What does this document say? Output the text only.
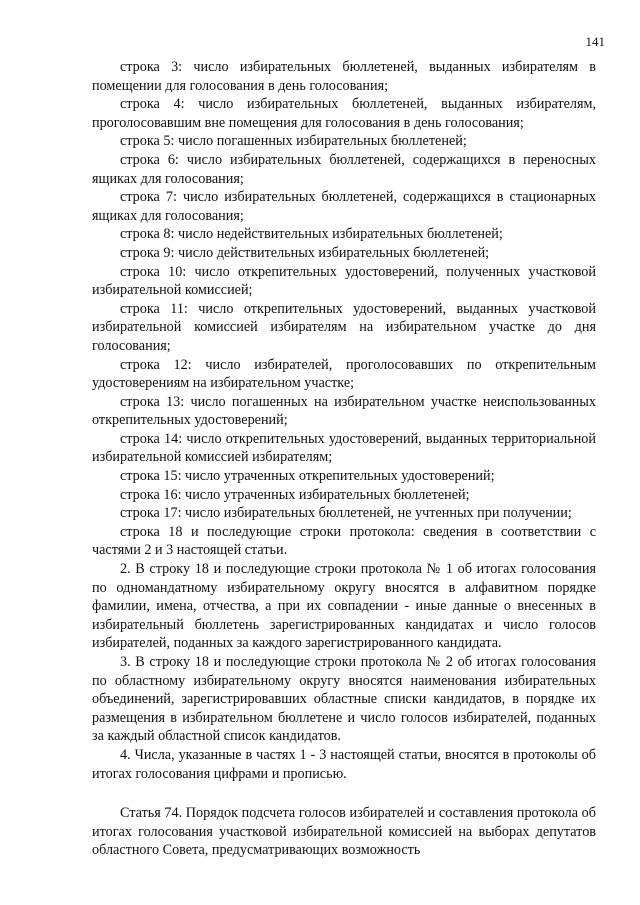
141

строка 3: число избирательных бюллетеней, выданных избирателям в помещении для голосования в день голосования;

строка 4: число избирательных бюллетеней, выданных избирателям, проголосовавшим вне помещения для голосования в день голосования;

строка 5: число погашенных избирательных бюллетеней;

строка 6: число избирательных бюллетеней, содержащихся в переносных ящиках для голосования;

строка 7: число избирательных бюллетеней, содержащихся в стационарных ящиках для голосования;

строка 8: число недействительных избирательных бюллетеней;

строка 9: число действительных избирательных бюллетеней;

строка 10: число открепительных удостоверений, полученных участковой избирательной комиссией;

строка 11: число открепительных удостоверений, выданных участковой избирательной комиссией избирателям на избирательном участке до дня голосования;

строка 12: число избирателей, проголосовавших по открепительным удостоверениям на избирательном участке;

строка 13: число погашенных на избирательном участке неиспользованных открепительных удостоверений;

строка 14: число открепительных удостоверений, выданных территориальной избирательной комиссией избирателям;

строка 15: число утраченных открепительных удостоверений;

строка 16: число утраченных избирательных бюллетеней;

строка 17: число избирательных бюллетеней, не учтенных при получении;

строка 18 и последующие строки протокола: сведения в соответствии с частями 2 и 3 настоящей статьи.

2. В строку 18 и последующие строки протокола № 1 об итогах голосования по одномандатному избирательному округу вносятся в алфавитном порядке фамилии, имена, отчества, а при их совпадении - иные данные о внесенных в избирательный бюллетень зарегистрированных кандидатах и число голосов избирателей, поданных за каждого зарегистрированного кандидата.

3. В строку 18 и последующие строки протокола № 2 об итогах голосования по областному избирательному округу вносятся наименования избирательных объединений, зарегистрировавших областные списки кандидатов, в порядке их размещения в избирательном бюллетене и число голосов избирателей, поданных за каждый областной список кандидатов.

4. Числа, указанные в частях 1 - 3 настоящей статьи, вносятся в протоколы об итогах голосования цифрами и прописью.

Статья 74. Порядок подсчета голосов избирателей и составления протокола об итогах голосования участковой избирательной комиссией на выборах депутатов областного Совета, предусматривающих возможность
